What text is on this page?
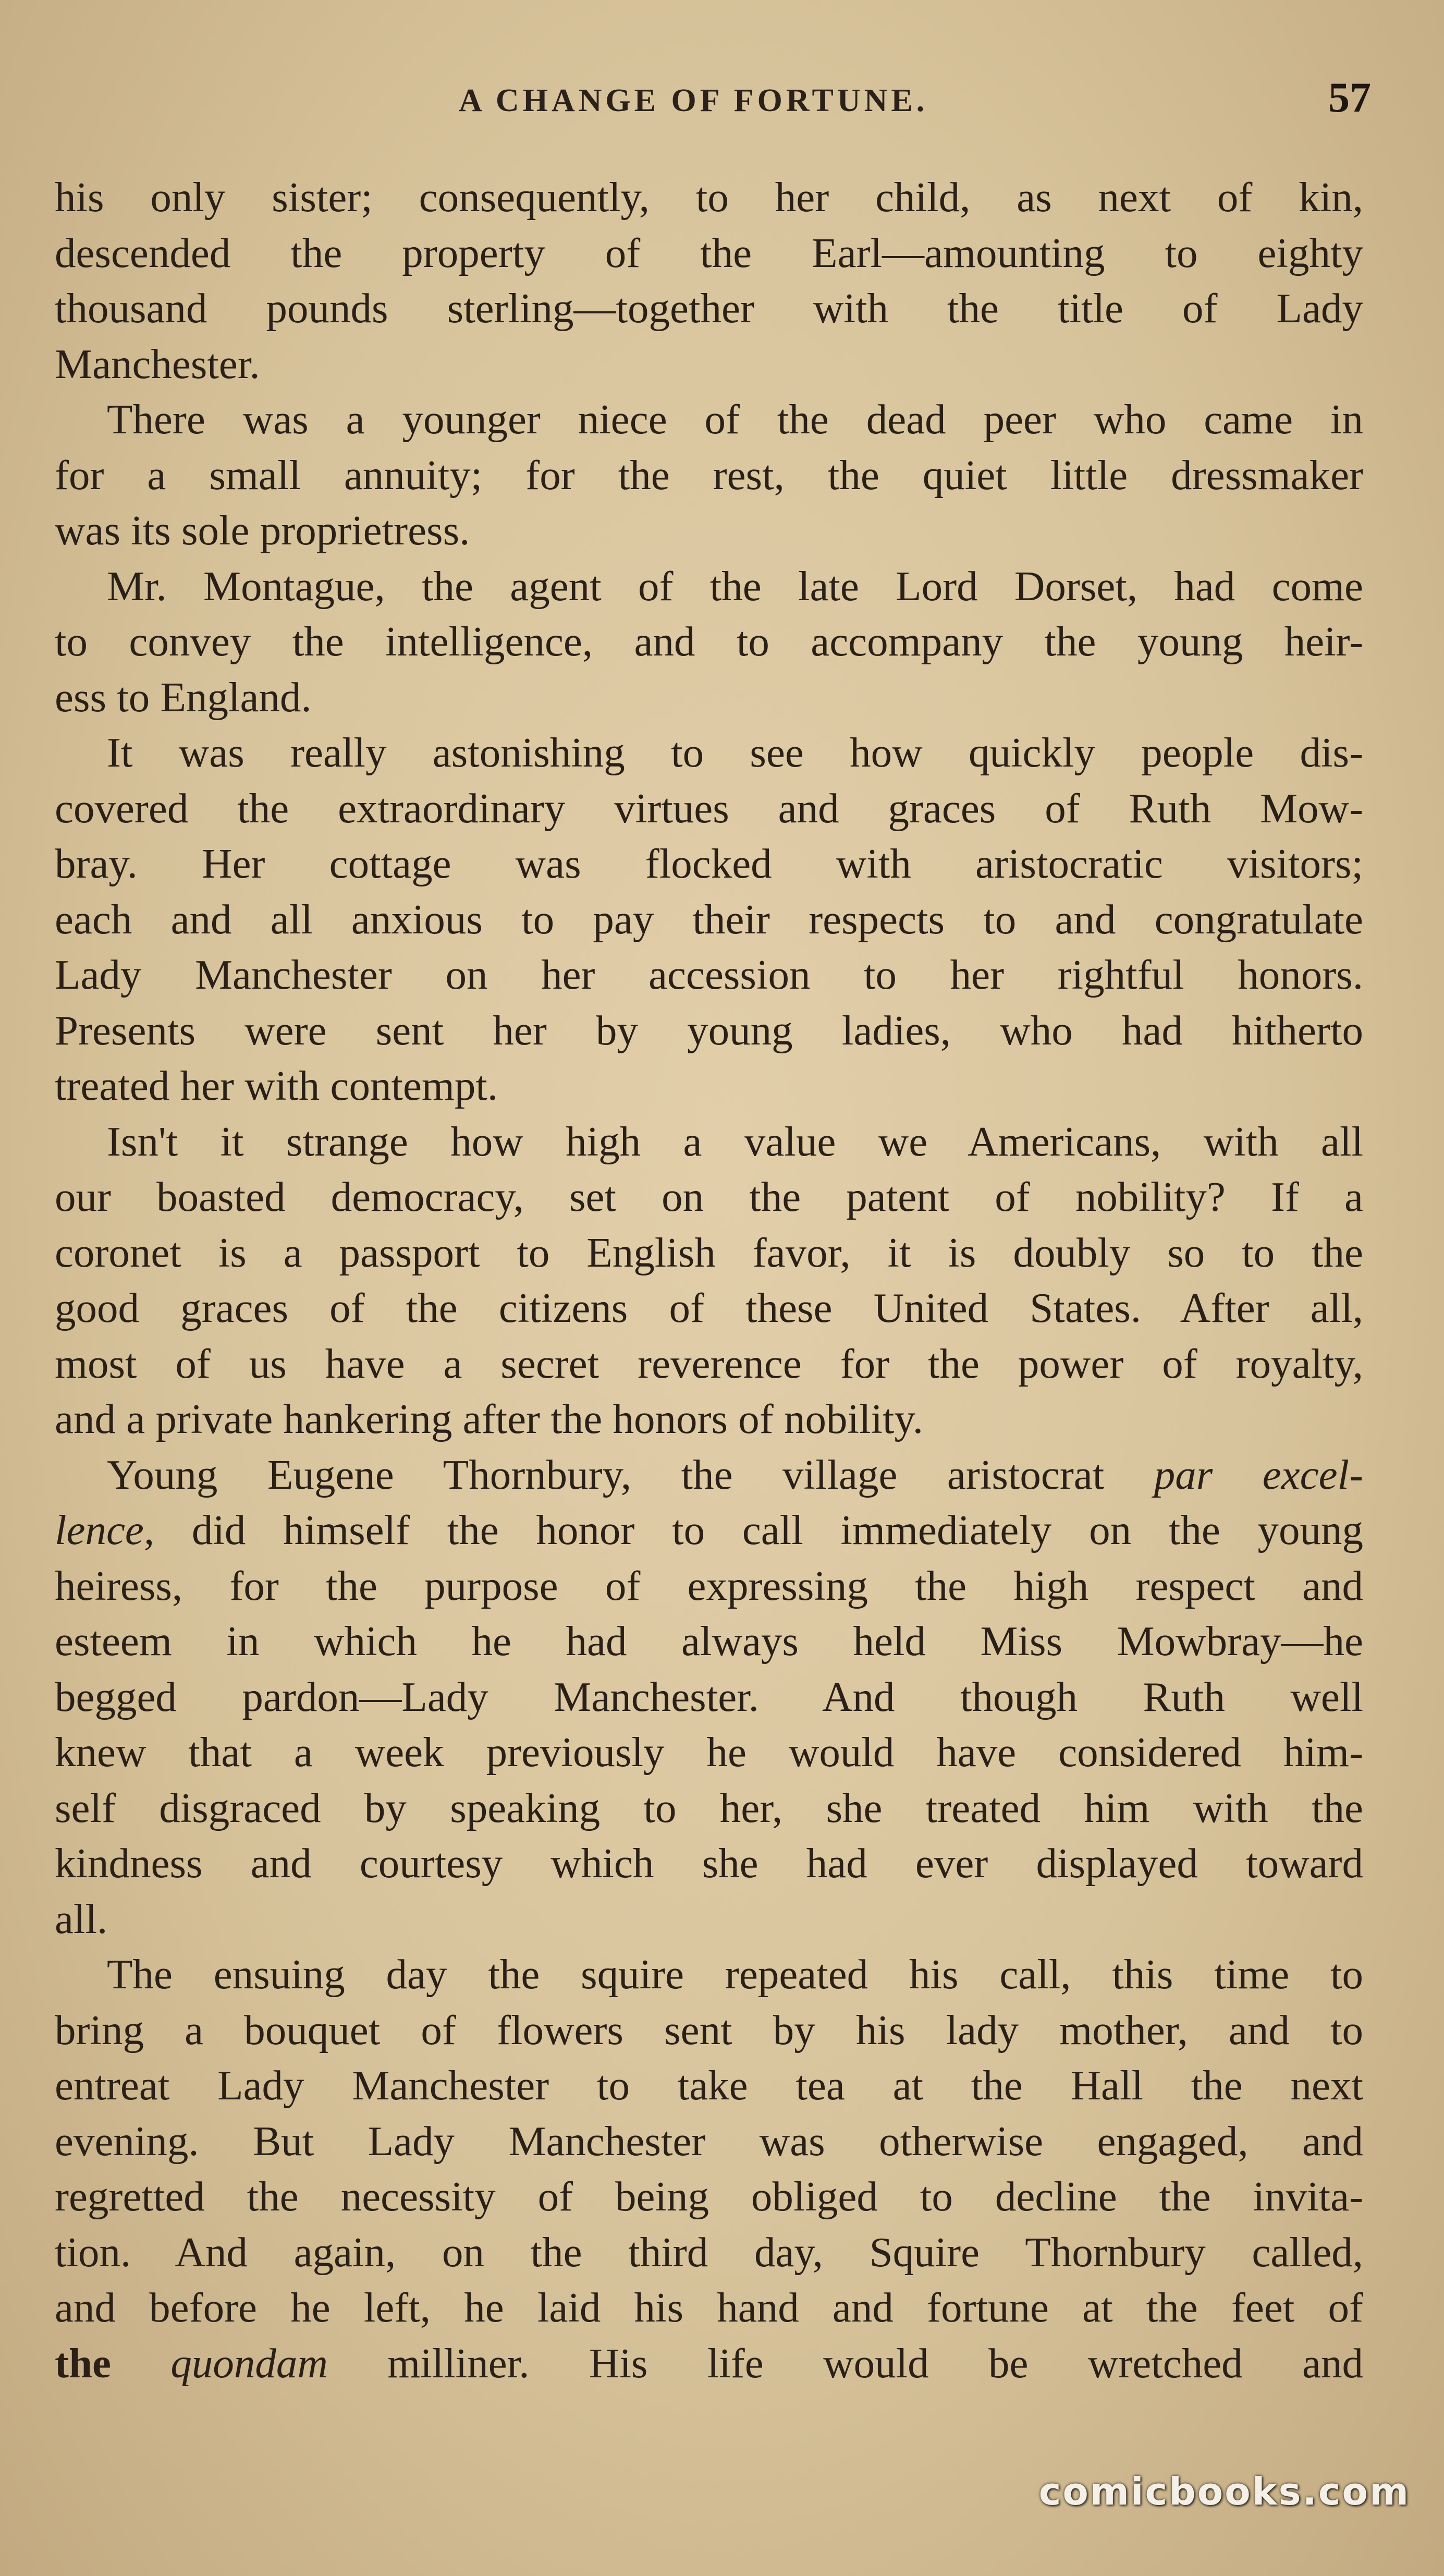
A CHANGE OF FORTUNE.	57

his only sister; consequently, to her child, as next of kin,

descended the property of the Earl—amounting to eighty

thousand pounds sterling—together with the title of Lady

Manchester.

There was a younger niece of the dead peer who came in

for a small annuity; for the rest, the quiet little dressmaker

was its sole proprietress.

Mr. Montague, the agent of the late Lord Dorset, had come

to convey the intelligence, and to accompany the young heir-

ess to England.

It was really astonishing to see how quickly people dis-

covered the extraordinary virtues and graces of Ruth Mow-

bray. Her cottage was flocked with aristocratic visitors;

each and all anxious to pay their respects to and congratulate

Lady Manchester on her accession to her rightful honors.

Presents were sent her by young ladies, who had hitherto

treated her with contempt.

Isn't it strange how high a value we Americans, with all

our boasted democracy, set on the patent of nobility? If a

coronet is a passport to English favor, it is doubly so to the

good graces of the citizens of these United States. After all,

most of us have a secret reverence for the power of royalty,

and a private hankering after the honors of nobility.

Young Eugene Thornbury, the village aristocrat par excel-

lence, did himself the honor to call immediately on the young

heiress, for the purpose of expressing the high respect and

esteem in which he had always held Miss Mowbray—he

begged pardon—Lady Manchester. And though Ruth well

knew that a week previously he would have considered him-

self disgraced by speaking to her, she treated him with the

kindness and courtesy which she had ever displayed toward

all.

The ensuing day the squire repeated his call, this time to

bring a bouquet of flowers sent by his lady mother, and to

entreat Lady Manchester to take tea at the Hall the next

evening. But Lady Manchester was otherwise engaged, and

regretted the necessity of being obliged to decline the invita-

tion. And again, on the third day, Squire Thornbury called,

and before he left, he laid his hand and fortune at the feet of

the quondam milliner. His life would be wretched and

comicbooks.com
